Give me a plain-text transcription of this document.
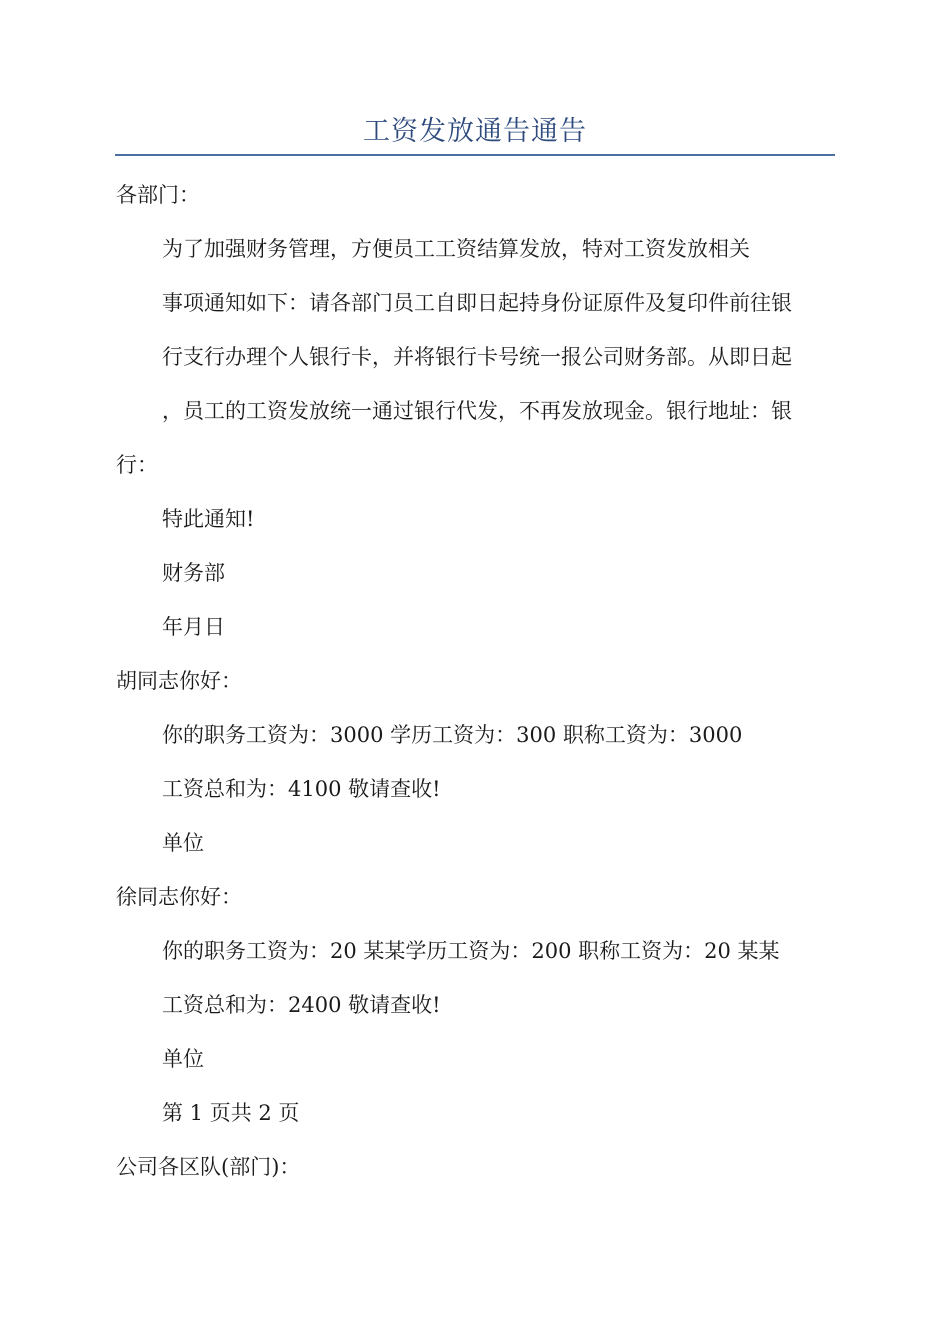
工资发放通告通告
各部门：
为了加强财务管理，方便员工工资结算发放，特对工资发放相关
事项通知如下：请各部门员工自即日起持身份证原件及复印件前往银
行支行办理个人银行卡，并将银行卡号统一报公司财务部。从即日起
，员工的工资发放统一通过银行代发，不再发放现金。银行地址：银
行：
特此通知!
财务部
年月日
胡同志你好：
你的职务工资为：3000 学历工资为：300 职称工资为：3000
工资总和为：4100 敬请查收!
单位
徐同志你好：
你的职务工资为：20 某某学历工资为：200 职称工资为：20 某某
工资总和为：2400 敬请查收!
单位
第 1 页共 2 页
公司各区队(部门)：
